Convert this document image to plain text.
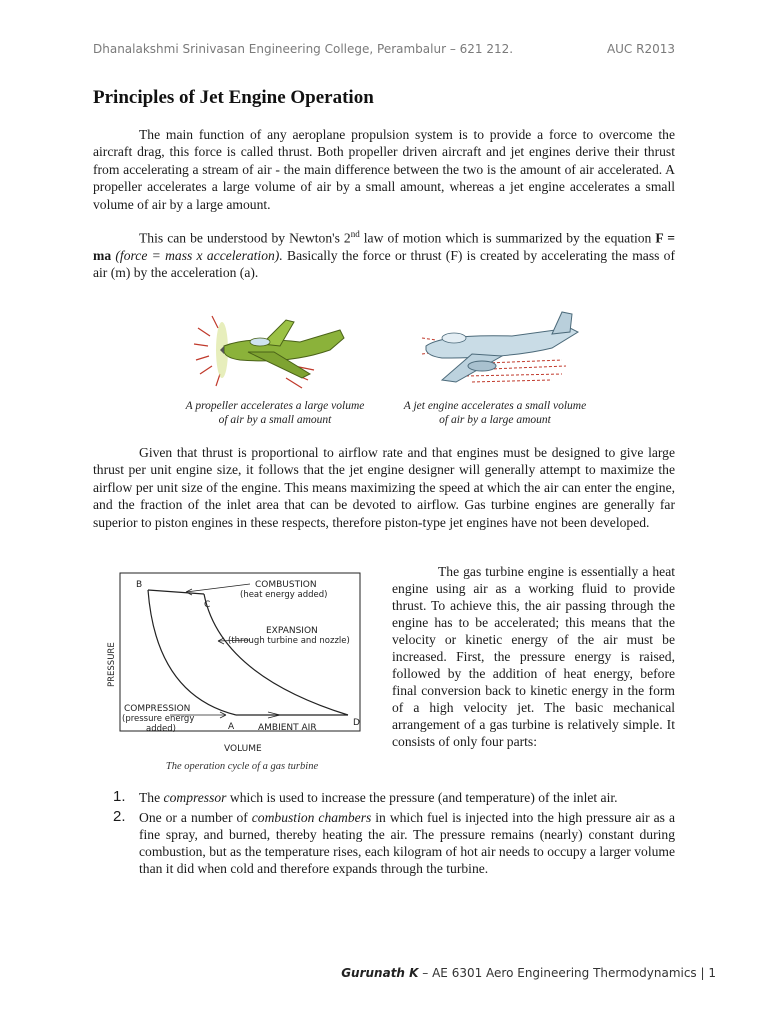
Dhanalakshmi Srinivasan Engineering College, Perambalur – 621 212.	AUC R2013
Principles of Jet Engine Operation

The main function of any aeroplane propulsion system is to provide a force to overcome the aircraft drag, this force is called thrust. Both propeller driven aircraft and jet engines derive their thrust from accelerating a stream of air - the main difference between the two is the amount of air accelerated. A propeller accelerates a large volume of air by a small amount, whereas a jet engine accelerates a small volume of air by a large amount.

This can be understood by Newton's 2nd law of motion which is summarized by the equation F = ma (force = mass x acceleration). Basically the force or thrust (F) is created by accelerating the mass of air (m) by the acceleration (a).

A propeller accelerates a large volume
of air by a small amount
A jet engine accelerates a small volume
of air by a large amount

Given that thrust is proportional to airflow rate and that engines must be designed to give large thrust per unit engine size, it follows that the jet engine designer will generally attempt to maximize the airflow per unit size of the engine. This means maximizing the speed at which the air can enter the engine, and the fraction of the inlet area that can be devoted to airflow. Gas turbine engines are generally far superior to piston engines in these respects, therefore piston-type jet engines have not been developed.

B
C
A	D
COMBUSTION
(heat energy added)
EXPANSION
(through turbine and nozzle)
COMPRESSION
(pressure energy
added)	AMBIENT AIR
PRESSURE
VOLUME
The operation cycle of a gas turbine

The gas turbine engine is essentially a heat engine using air as a working fluid to provide thrust. To achieve this, the air passing through the engine has to be accelerated; this means that the velocity or kinetic energy of the air must be increased. First, the pressure energy is raised, followed by the addition of heat energy, before final conversion back to kinetic energy in the form of a high velocity jet. The basic mechanical arrangement of a gas turbine is relatively simple. It consists of only four parts:

1. The compressor which is used to increase the pressure (and temperature) of the inlet air.
2. One or a number of combustion chambers in which fuel is injected into the high pressure air as a fine spray, and burned, thereby heating the air. The pressure remains (nearly) constant during combustion, but as the temperature rises, each kilogram of hot air needs to occupy a larger volume than it did when cold and therefore expands through the turbine.
Gurunath K – AE 6301 Aero Engineering Thermodynamics | 1
